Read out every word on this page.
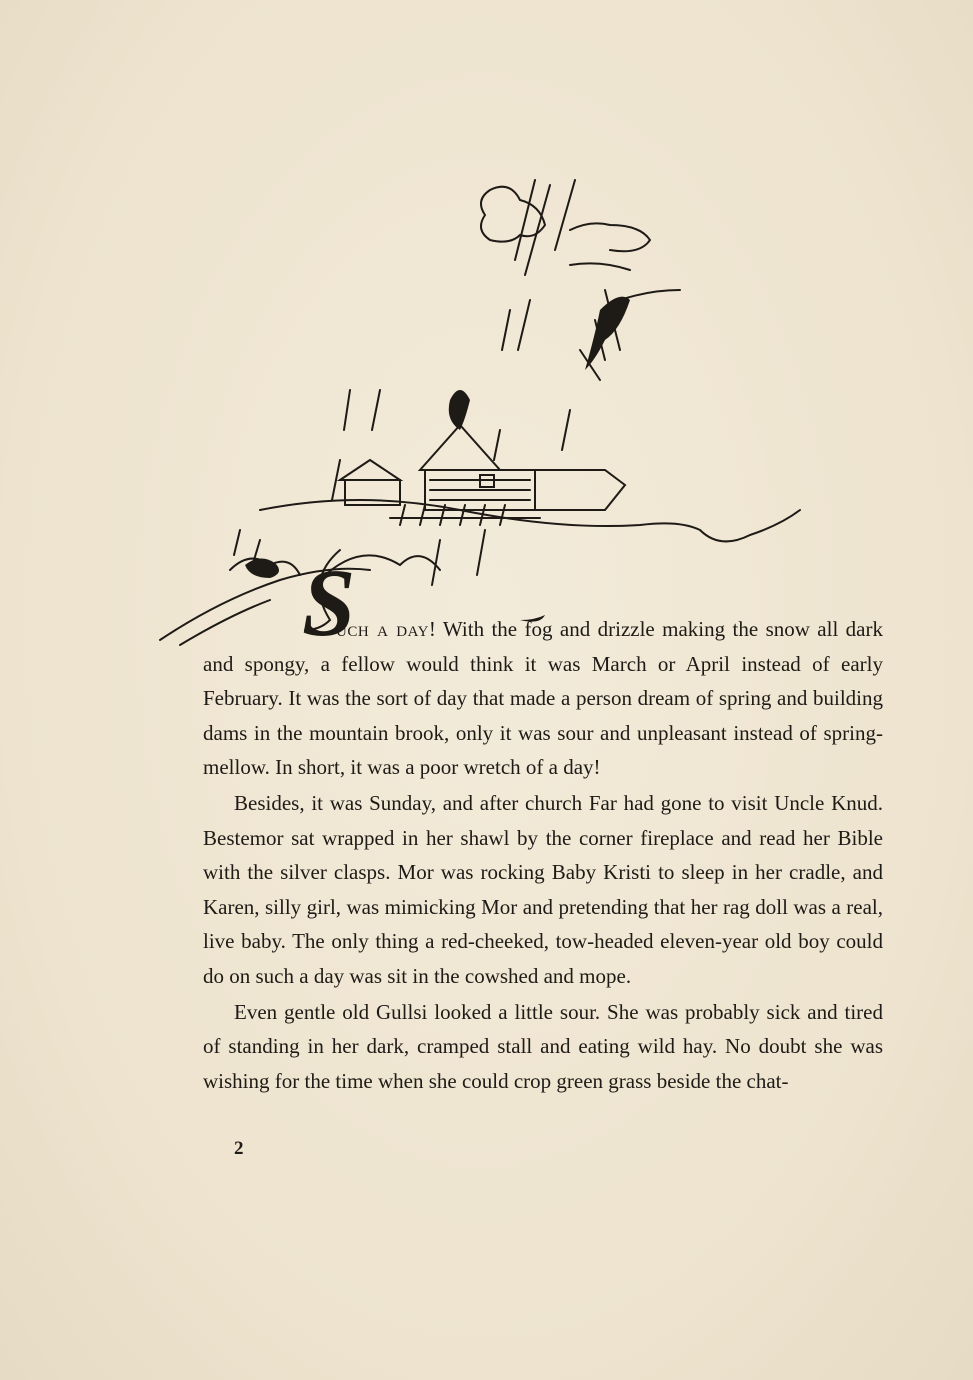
S

uch a day! With the fog and drizzle making the snow all dark and spongy, a fellow would think it was March or April instead of early February. It was the sort of day that made a person dream of spring and building dams in the mountain brook, only it was sour and unpleasant instead of spring-mellow. In short, it was a poor wretch of a day!

Besides, it was Sunday, and after church Far had gone to visit Uncle Knud. Bestemor sat wrapped in her shawl by the corner fireplace and read her Bible with the silver clasps. Mor was rocking Baby Kristi to sleep in her cradle, and Karen, silly girl, was mimicking Mor and pretending that her rag doll was a real, live baby. The only thing a red-cheeked, tow-headed eleven-year old boy could do on such a day was sit in the cowshed and mope.

Even gentle old Gullsi looked a little sour. She was probably sick and tired of standing in her dark, cramped stall and eating wild hay. No doubt she was wishing for the time when she could crop green grass beside the chat-

2
